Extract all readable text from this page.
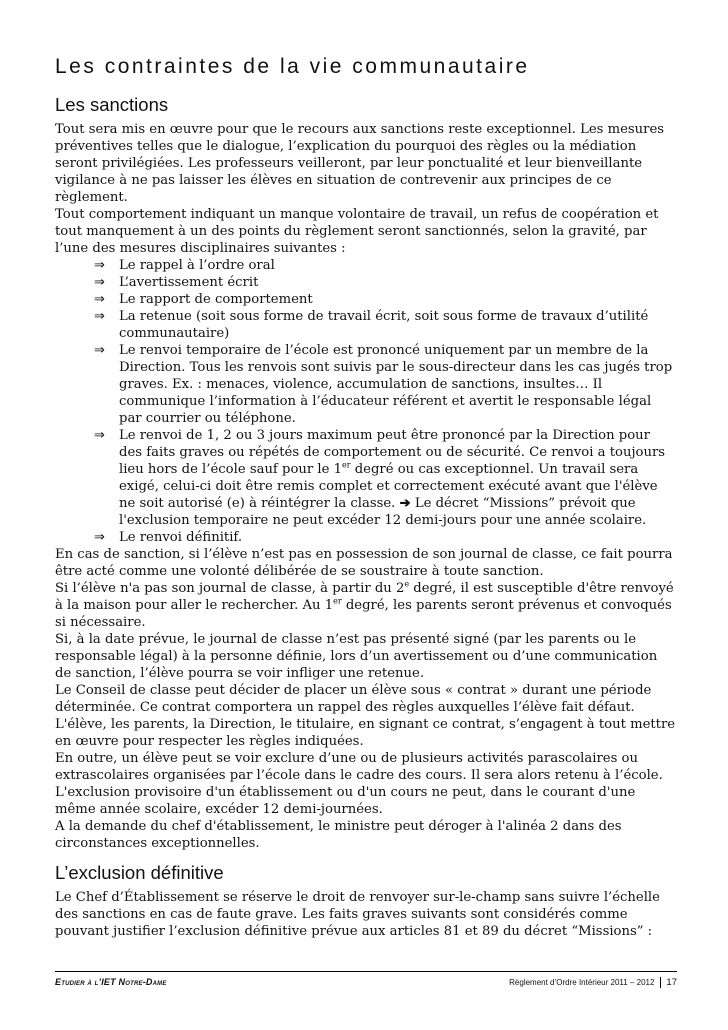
Les contraintes de la vie communautaire
Les sanctions

Tout sera mis en œuvre pour que le recours aux sanctions reste exceptionnel. Les mesures préventives telles que le dialogue, l’explication du pourquoi des règles ou la médiation seront privilégiées. Les professeurs veilleront, par leur ponctualité et leur bienveillante vigilance à ne pas laisser les élèves en situation de contrevenir aux principes de ce règlement.

Tout comportement indiquant un manque volontaire de travail, un refus de coopération et tout manquement à un des points du règlement seront sanctionnés, selon la gravité, par l’une des mesures disciplinaires suivantes :

⇒ Le rappel à l’ordre oral
⇒ L’avertissement écrit
⇒ Le rapport de comportement
⇒ La retenue (soit sous forme de travail écrit, soit sous forme de travaux d’utilité communautaire)
⇒ Le renvoi temporaire de l’école est prononcé uniquement par un membre de la Direction. Tous les renvois sont suivis par le sous-directeur dans les cas jugés trop graves. Ex. : menaces, violence, accumulation de sanctions, insultes… Il communique l’information à l’éducateur référent et avertit le responsable légal par courrier ou téléphone.
⇒ Le renvoi de 1, 2 ou 3 jours maximum peut être prononcé par la Direction pour des faits graves ou répétés de comportement ou de sécurité. Ce renvoi a toujours lieu hors de l’école sauf pour le 1er degré ou cas exceptionnel. Un travail sera exigé, celui-ci doit être remis complet et correctement exécuté avant que l'élève ne soit autorisé (e) à réintégrer la classe. ➔ Le décret “Missions” prévoit que l'exclusion temporaire ne peut excéder 12 demi-jours pour une année scolaire.
⇒ Le renvoi définitif.

En cas de sanction, si l’élève n’est pas en possession de son journal de classe, ce fait pourra être acté comme une volonté délibérée de se soustraire à toute sanction.

Si l’élève n'a pas son journal de classe, à partir du 2e degré, il est susceptible d'être renvoyé à la maison pour aller le rechercher. Au 1er degré, les parents seront prévenus et convoqués si nécessaire.

Si, à la date prévue, le journal de classe n’est pas présenté signé (par les parents ou le responsable légal) à la personne définie, lors d’un avertissement ou d’une communication de sanction, l’élève pourra se voir infliger une retenue.

Le Conseil de classe peut décider de placer un élève sous « contrat » durant une période déterminée. Ce contrat comportera un rappel des règles auxquelles l’élève fait défaut.

L'élève, les parents, la Direction, le titulaire, en signant ce contrat, s’engagent à tout mettre en œuvre pour respecter les règles indiquées.

En outre, un élève peut se voir exclure d’une ou de plusieurs activités parascolaires ou extrascolaires organisées par l’école dans le cadre des cours. Il sera alors retenu à l’école.

L'exclusion provisoire d'un établissement ou d'un cours ne peut, dans le courant d'une même année scolaire, excéder 12 demi-journées.

A la demande du chef d'établissement, le ministre peut déroger à l'alinéa 2 dans des circonstances exceptionnelles.

L’exclusion définitive

Le Chef d’Établissement se réserve le droit de renvoyer sur-le-champ sans suivre l’échelle des sanctions en cas de faute grave. Les faits graves suivants sont considérés comme pouvant justifier l’exclusion définitive prévue aux articles 81 et 89 du décret “Missions” :

Etudier à l’IET Notre-Dame	Règlement d’Ordre Intérieur 2011 – 2012 17
